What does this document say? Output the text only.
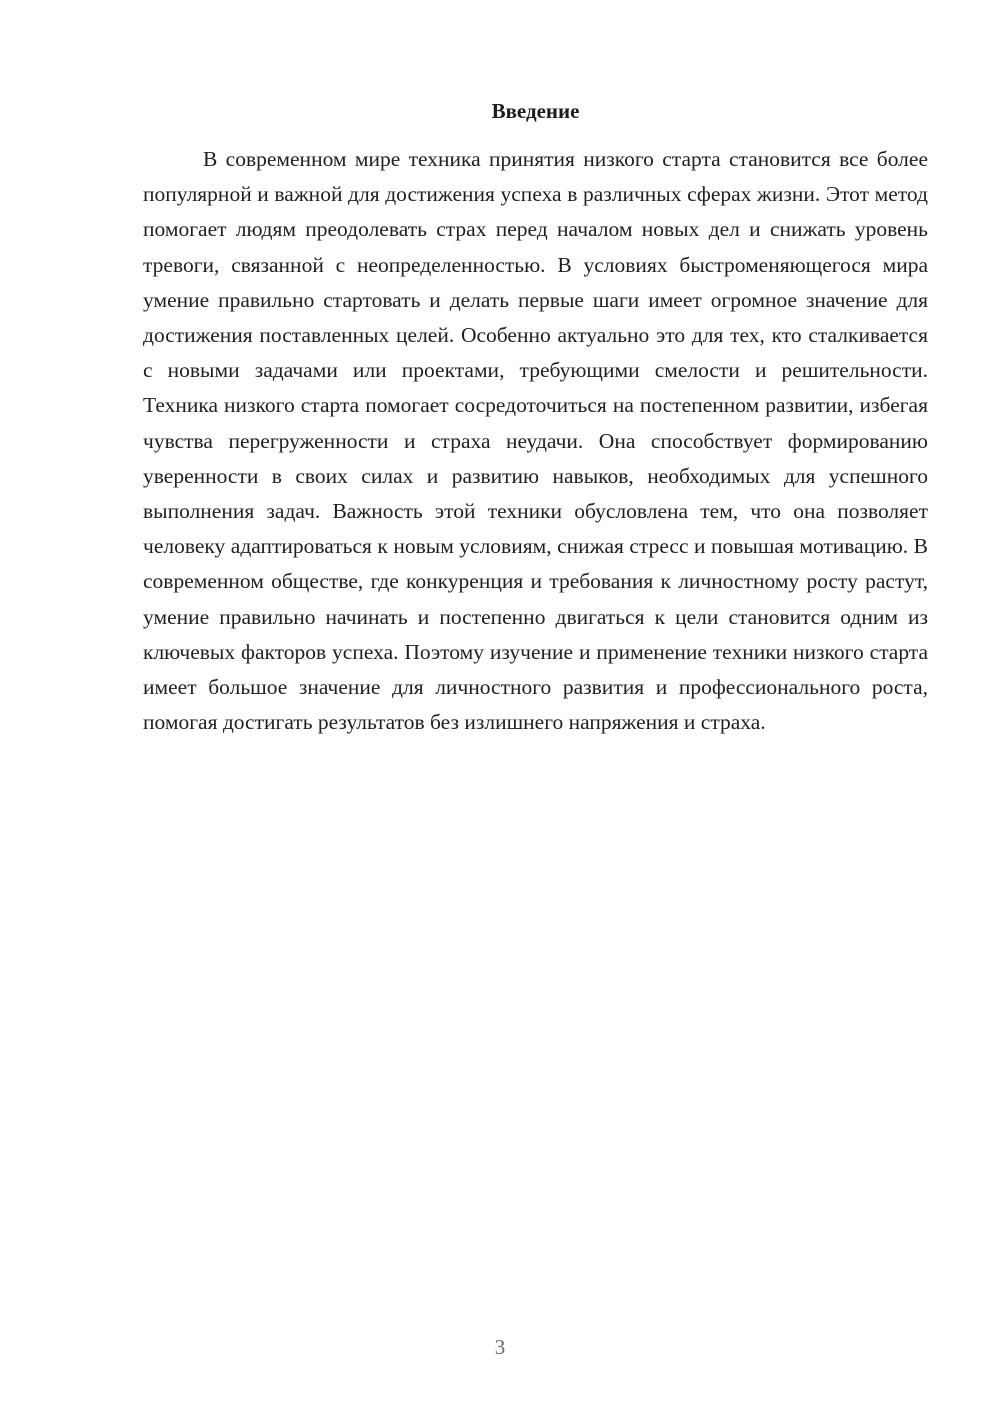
Введение

В современном мире техника принятия низкого старта становится все более популярной и важной для достижения успеха в различных сферах жизни. Этот метод помогает людям преодолевать страх перед началом новых дел и снижать уровень тревоги, связанной с неопределенностью. В условиях быстроменяющегося мира умение правильно стартовать и делать первые шаги имеет огромное значение для достижения поставленных целей. Особенно актуально это для тех, кто сталкивается с новыми задачами или проектами, требующими смелости и решительности. Техника низкого старта помогает сосредоточиться на постепенном развитии, избегая чувства перегруженности и страха неудачи. Она способствует формированию уверенности в своих силах и развитию навыков, необходимых для успешного выполнения задач. Важность этой техники обусловлена тем, что она позволяет человеку адаптироваться к новым условиям, снижая стресс и повышая мотивацию. В современном обществе, где конкуренция и требования к личностному росту растут, умение правильно начинать и постепенно двигаться к цели становится одним из ключевых факторов успеха. Поэтому изучение и применение техники низкого старта имеет большое значение для личностного развития и профессионального роста, помогая достигать результатов без излишнего напряжения и страха.

3
